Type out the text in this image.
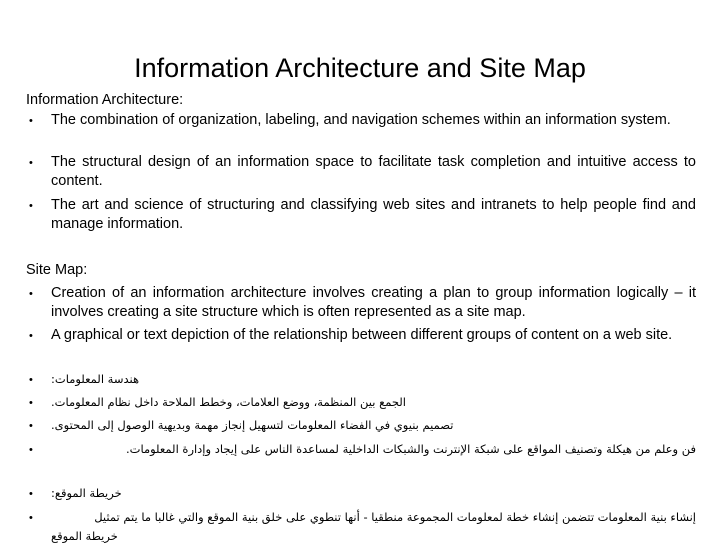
Information Architecture and Site Map
Information Architecture:
• The combination of organization, labeling, and navigation schemes within an information system.
• The structural design of an information space to facilitate task completion and intuitive access to content.
• The art and science of structuring and classifying web sites and intranets to help people find and manage information.
Site Map:
• Creation of an information architecture involves creating a plan to group information logically – it involves creating a site structure which is often represented as a site map.
• A graphical or text depiction of the relationship between different groups of content on a web site.
• هندسة المعلومات:
• الجمع بين المنظمة، ووضع العلامات، وخطط الملاحة داخل نظام المعلومات.
• تصميم بنيوي في الفضاء المعلومات لتسهيل إنجاز مهمة وبديهية الوصول إلى المحتوى.
•	فن وعلم من هيكلة وتصنيف المواقع على شبكة الإنترنت والشبكات الداخلية لمساعدة الناس على إيجاد وإدارة المعلومات.
• خريطة الموقع:
•	إنشاء بنية المعلومات تتضمن إنشاء خطة لمعلومات المجموعة منطقيا - أنها تنطوي على خلق بنية الموقع والتي غالبا ما يتم تمثيل
خريطة الموقع
